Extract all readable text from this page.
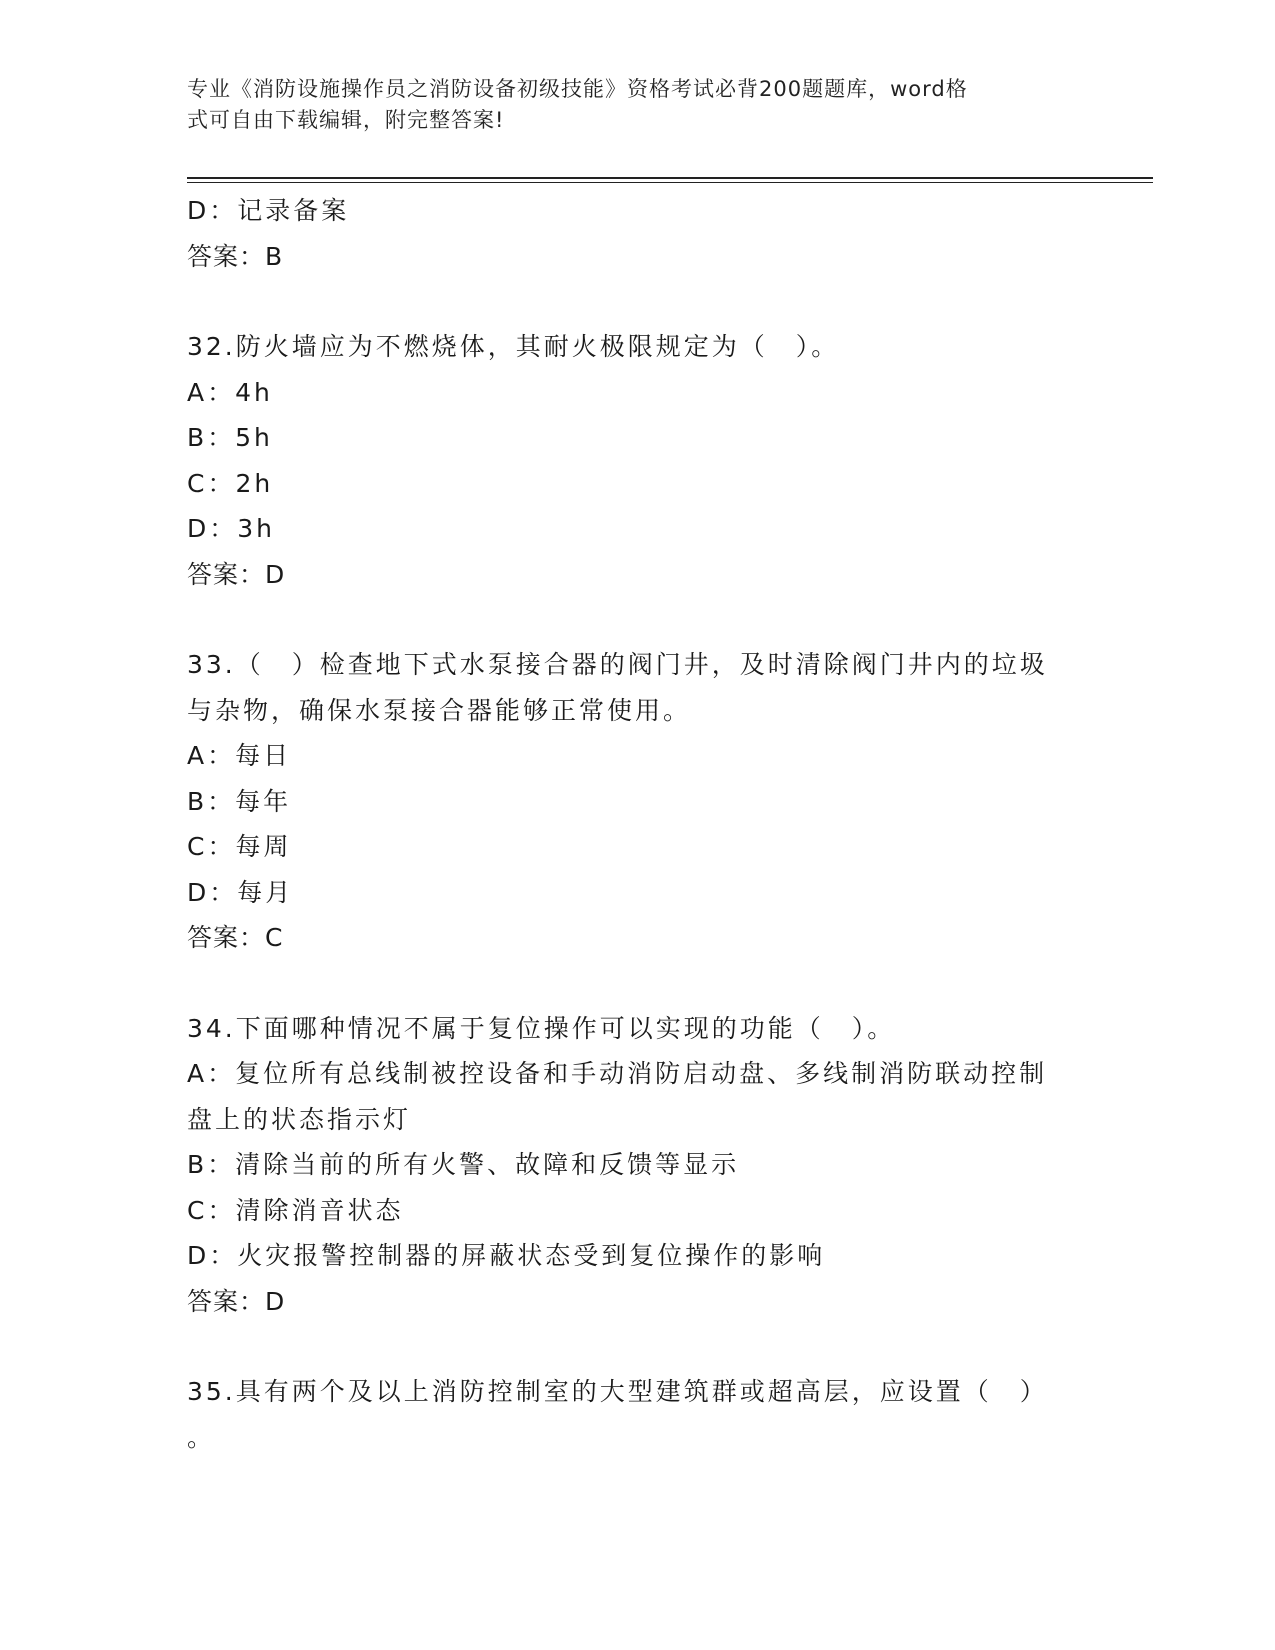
专业《消防设施操作员之消防设备初级技能》资格考试必背200题题库，word格
式可自由下载编辑，附完整答案!
D：记录备案
答案：B
32.防火墙应为不燃烧体，其耐火极限规定为（　）。
A：4h
B：5h
C：2h
D：3h
答案：D
33.（　）检查地下式水泵接合器的阀门井，及时清除阀门井内的垃圾
与杂物，确保水泵接合器能够正常使用。
A：每日
B：每年
C：每周
D：每月
答案：C
34.下面哪种情况不属于复位操作可以实现的功能（　）。
A：复位所有总线制被控设备和手动消防启动盘、多线制消防联动控制
盘上的状态指示灯
B：清除当前的所有火警、故障和反馈等显示
C：清除消音状态
D：火灾报警控制器的屏蔽状态受到复位操作的影响
答案：D
35.具有两个及以上消防控制室的大型建筑群或超高层，应设置（　）
。
